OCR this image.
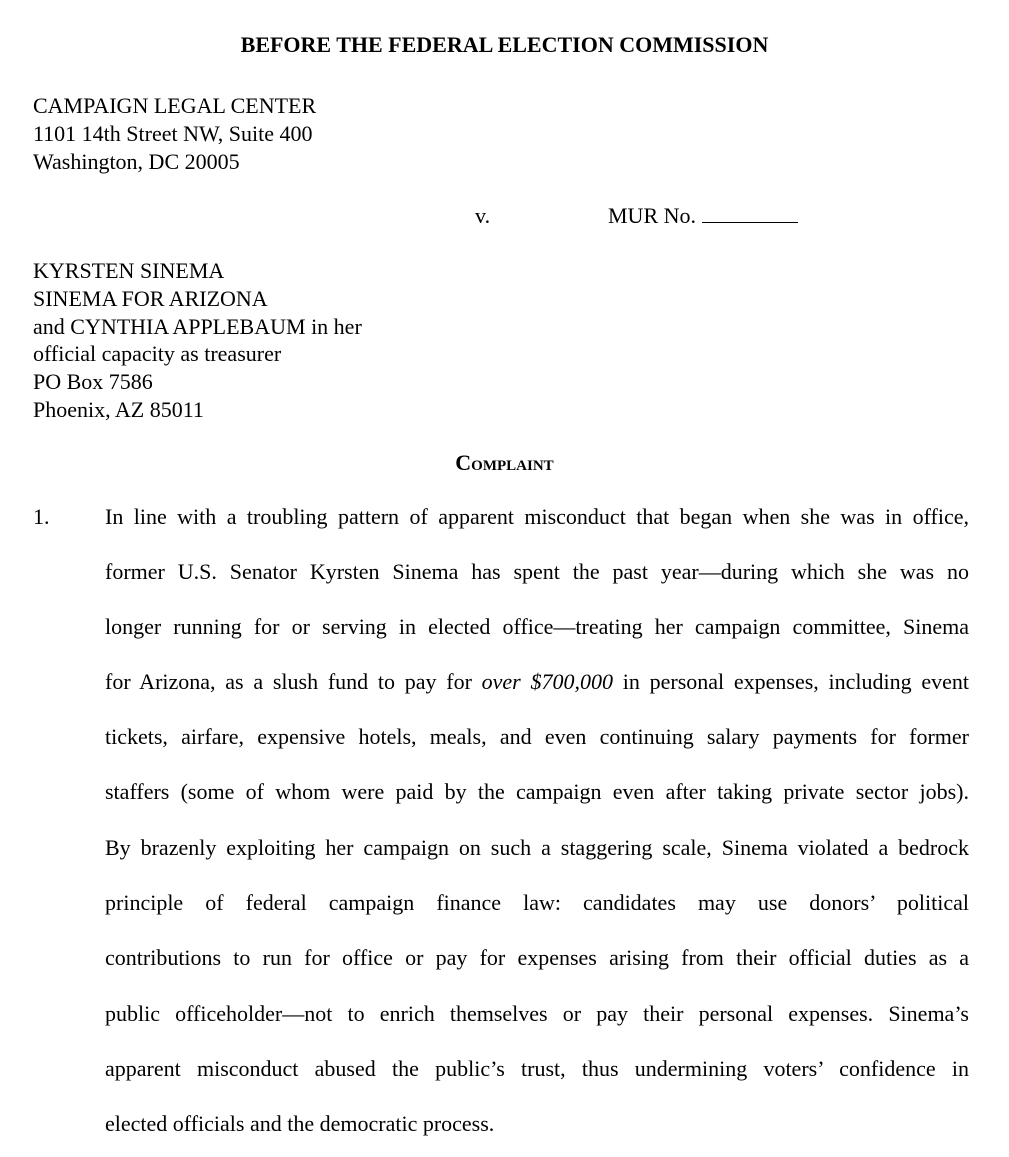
BEFORE THE FEDERAL ELECTION COMMISSION
CAMPAIGN LEGAL CENTER
1101 14th Street NW, Suite 400
Washington, DC 20005
v.	MUR No.
KYRSTEN SINEMA
SINEMA FOR ARIZONA
and CYNTHIA APPLEBAUM in her
official capacity as treasurer
PO Box 7586
Phoenix, AZ 85011
Complaint
1.	In line with a troubling pattern of apparent misconduct that began when she was in office,
former U.S. Senator Kyrsten Sinema has spent the past year—during which she was no
longer running for or serving in elected office—treating her campaign committee, Sinema
for Arizona, as a slush fund to pay for over $700,000 in personal expenses, including event
tickets, airfare, expensive hotels, meals, and even continuing salary payments for former
staffers (some of whom were paid by the campaign even after taking private sector jobs).
By brazenly exploiting her campaign on such a staggering scale, Sinema violated a bedrock
principle of federal campaign finance law: candidates may use donors’ political
contributions to run for office or pay for expenses arising from their official duties as a
public officeholder—not to enrich themselves or pay their personal expenses. Sinema’s
apparent misconduct abused the public’s trust, thus undermining voters’ confidence in
elected officials and the democratic process.
